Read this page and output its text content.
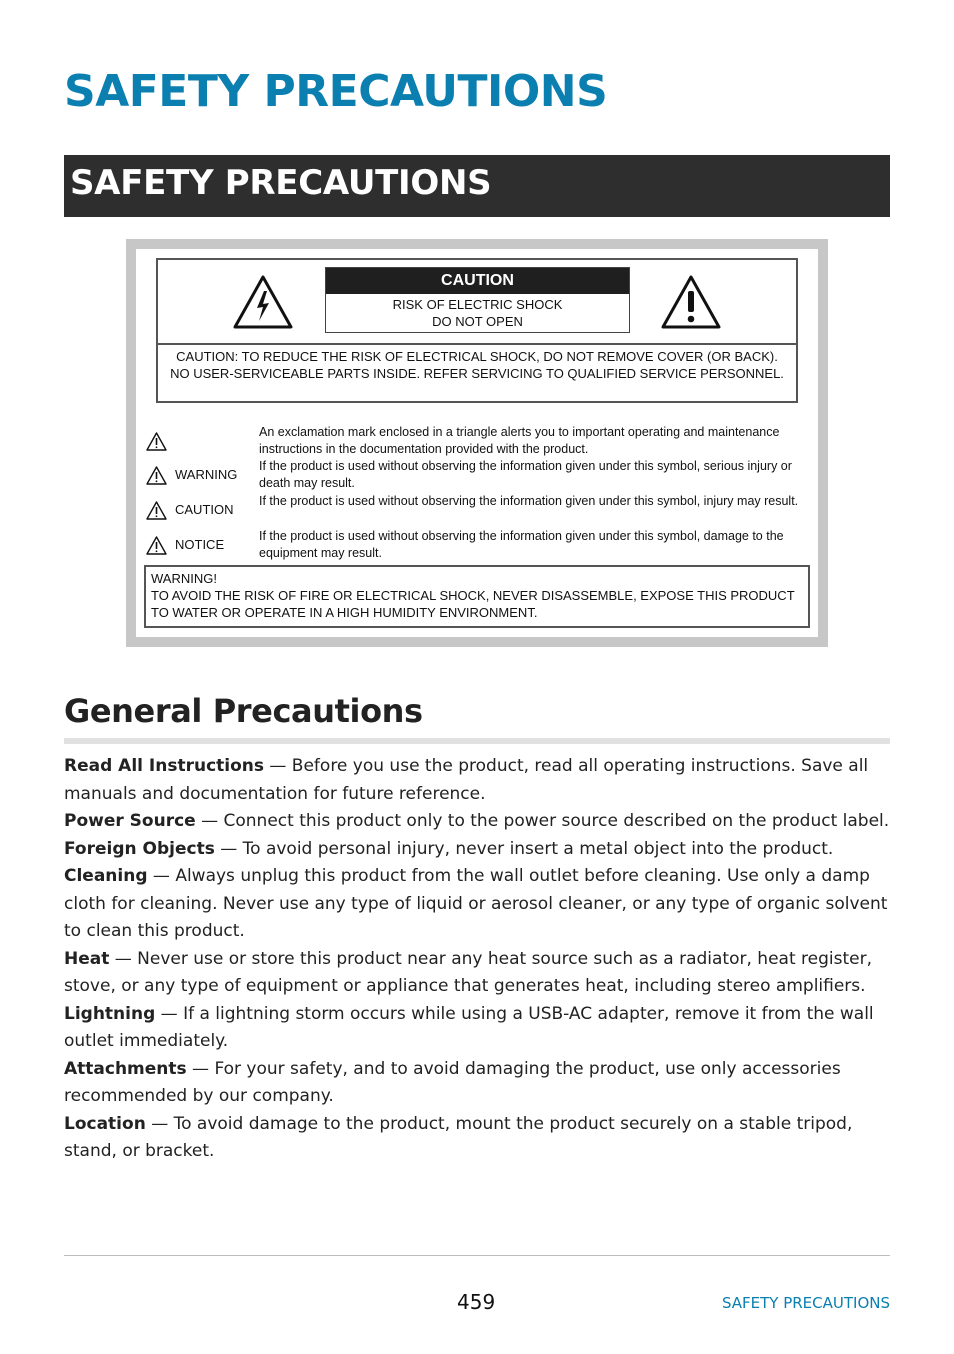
SAFETY PRECAUTIONS
SAFETY PRECAUTIONS
CAUTION
RISK OF ELECTRIC SHOCK
DO NOT OPEN
CAUTION: TO REDUCE THE RISK OF ELECTRICAL SHOCK, DO NOT REMOVE COVER (OR BACK). NO USER-SERVICEABLE PARTS INSIDE. REFER SERVICING TO QUALIFIED SERVICE PERSONNEL.
An exclamation mark enclosed in a triangle alerts you to important operating and maintenance instructions in the documentation provided with the product.
WARNING
If the product is used without observing the information given under this symbol, serious injury or death may result.
CAUTION
If the product is used without observing the information given under this symbol, injury may result.
NOTICE
If the product is used without observing the information given under this symbol, damage to the equipment may result.
WARNING!
TO AVOID THE RISK OF FIRE OR ELECTRICAL SHOCK, NEVER DISASSEMBLE, EXPOSE THIS PRODUCT TO WATER OR OPERATE IN A HIGH HUMIDITY ENVIRONMENT.
General Precautions

Read All Instructions — Before you use the product, read all operating instructions. Save all manuals and documentation for future reference.

Power Source — Connect this product only to the power source described on the product label.

Foreign Objects — To avoid personal injury, never insert a metal object into the product.

Cleaning — Always unplug this product from the wall outlet before cleaning. Use only a damp cloth for cleaning. Never use any type of liquid or aerosol cleaner, or any type of organic solvent to clean this product.

Heat — Never use or store this product near any heat source such as a radiator, heat register, stove, or any type of equipment or appliance that generates heat, including stereo amplifiers.

Lightning — If a lightning storm occurs while using a USB-AC adapter, remove it from the wall outlet immediately.

Attachments — For your safety, and to avoid damaging the product, use only accessories recommended by our company.

Location — To avoid damage to the product, mount the product securely on a stable tripod, stand, or bracket.

459	SAFETY PRECAUTIONS
